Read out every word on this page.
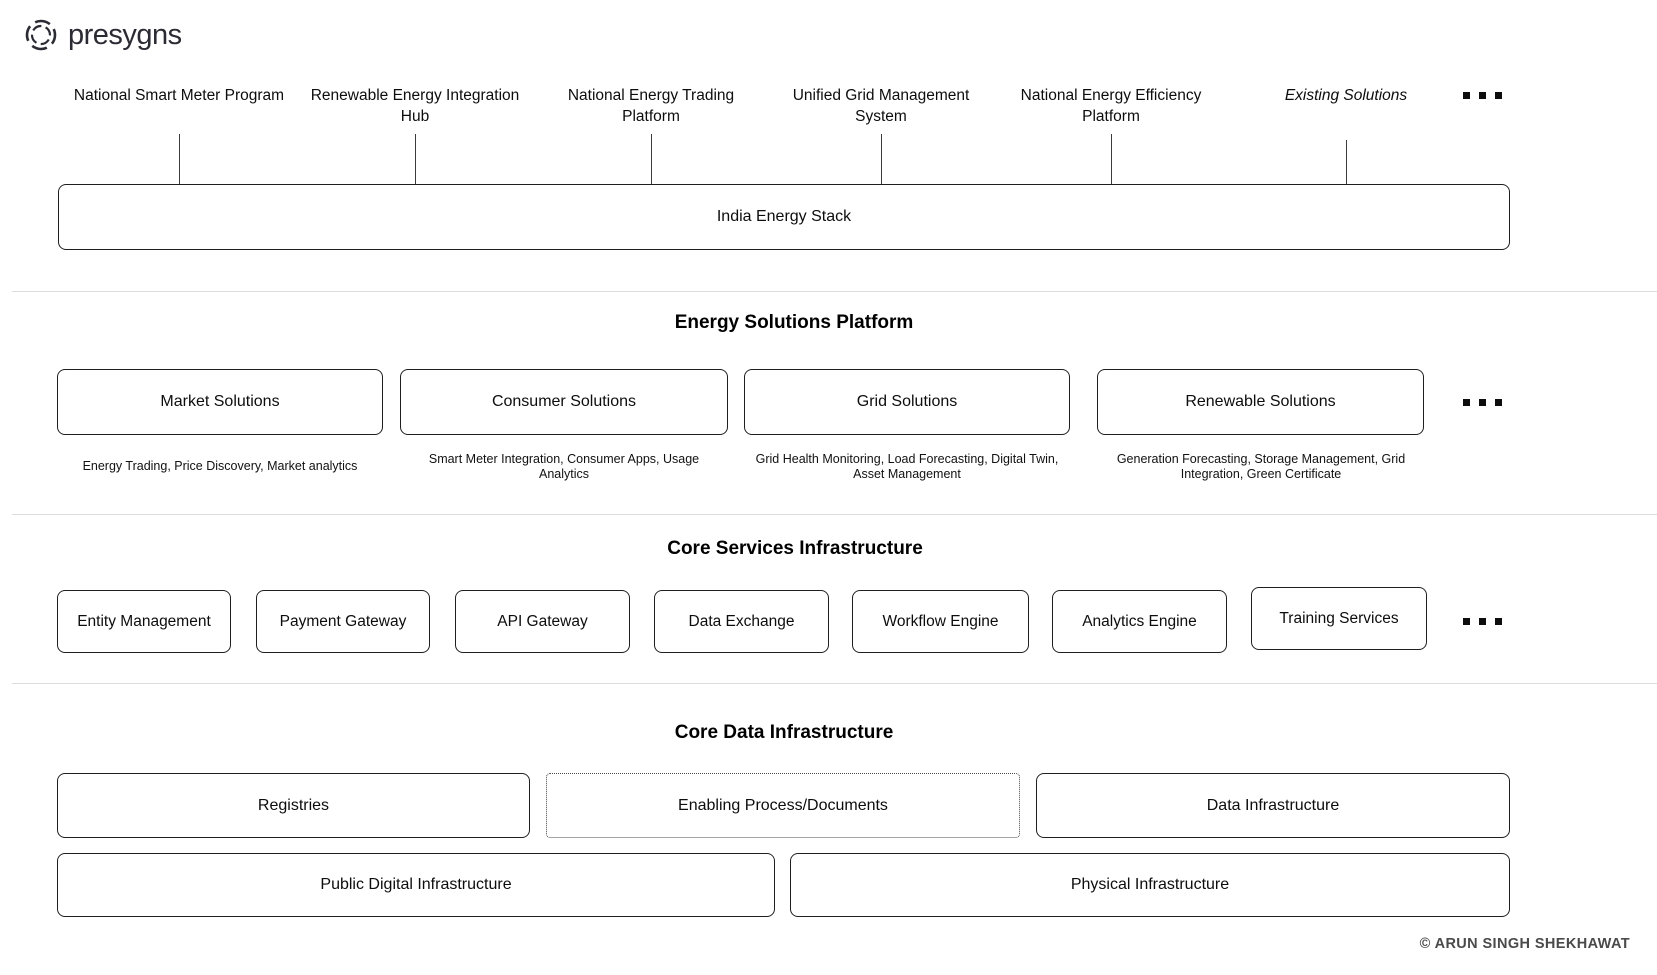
presygns
National Smart Meter Program	Renewable Energy Integration Hub
National Energy Trading Platform
Unified Grid Management System
National Energy Efficiency Platform
Existing Solutions
India Energy Stack
Energy Solutions Platform
Market Solutions	Consumer Solutions	Grid Solutions	Renewable Solutions
Energy Trading, Price Discovery, Market analytics
Smart Meter Integration, Consumer Apps, Usage Analytics
Grid Health Monitoring, Load Forecasting, Digital Twin, Asset Management
Generation Forecasting, Storage Management, Grid Integration, Green Certificate
Core Services Infrastructure
Entity Management	Payment Gateway	API Gateway	Data Exchange	Workflow Engine	Analytics Engine	Training Services
Core Data Infrastructure
Registries	Enabling Process/Documents	Data Infrastructure
Public Digital Infrastructure	Physical Infrastructure
© ARUN SINGH SHEKHAWAT
